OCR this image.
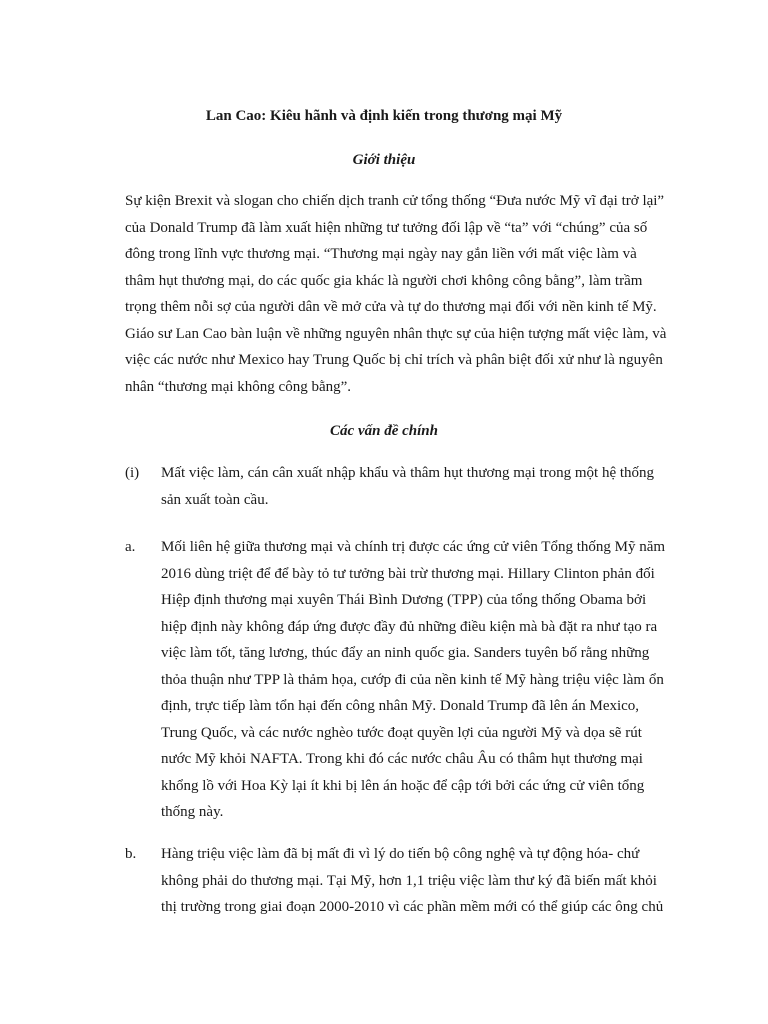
Lan Cao: Kiêu hãnh và định kiến trong thương mại Mỹ
Giới thiệu

Sự kiện Brexit và slogan cho chiến dịch tranh cử tổng thống “Đưa nước Mỹ vĩ đại trở lại” của Donald Trump đã làm xuất hiện những tư tưởng đối lập về “ta” với “chúng” của số đông trong lĩnh vực thương mại. “Thương mại ngày nay gắn liền với mất việc làm và thâm hụt thương mại, do các quốc gia khác là người chơi không công bằng”, làm trầm trọng thêm nỗi sợ của người dân về mở cửa và tự do thương mại đối với nền kinh tế Mỹ. Giáo sư Lan Cao bàn luận về những nguyên nhân thực sự của hiện tượng mất việc làm, và việc các nước như Mexico hay Trung Quốc bị chỉ trích và phân biệt đối xử như là nguyên nhân “thương mại không công bằng”.

Các vấn đề chính
(i)	Mất việc làm, cán cân xuất nhập khẩu và thâm hụt thương mại trong một hệ thống sản xuất toàn cầu.

a.	Mối liên hệ giữa thương mại và chính trị được các ứng cử viên Tổng thống Mỹ năm 2016 dùng triệt để để bày tỏ tư tưởng bài trừ thương mại. Hillary Clinton phản đối Hiệp định thương mại xuyên Thái Bình Dương (TPP) của tổng thống Obama bởi hiệp định này không đáp ứng được đầy đủ những điều kiện mà bà đặt ra như tạo ra việc làm tốt, tăng lương, thúc đẩy an ninh quốc gia. Sanders tuyên bố rằng những thỏa thuận như TPP là thảm họa, cướp đi của nền kinh tế Mỹ hàng triệu việc làm ổn định, trực tiếp làm tổn hại đến công nhân Mỹ. Donald Trump đã lên án Mexico, Trung Quốc, và các nước nghèo tước đoạt quyền lợi của người Mỹ và dọa sẽ rút nước Mỹ khỏi NAFTA. Trong khi đó các nước châu Âu có thâm hụt thương mại khổng lồ với Hoa Kỳ lại ít khi bị lên án hoặc để cập tới bởi các ứng cử viên tổng thống này.

b.	Hàng triệu việc làm đã bị mất đi vì lý do tiến bộ công nghệ và tự động hóa- chứ không phải do thương mại. Tại Mỹ, hơn 1,1 triệu việc làm thư ký đã biến mất khỏi thị trường trong giai đoạn 2000-2010 vì các phần mềm mới có thể giúp các ông chủ
